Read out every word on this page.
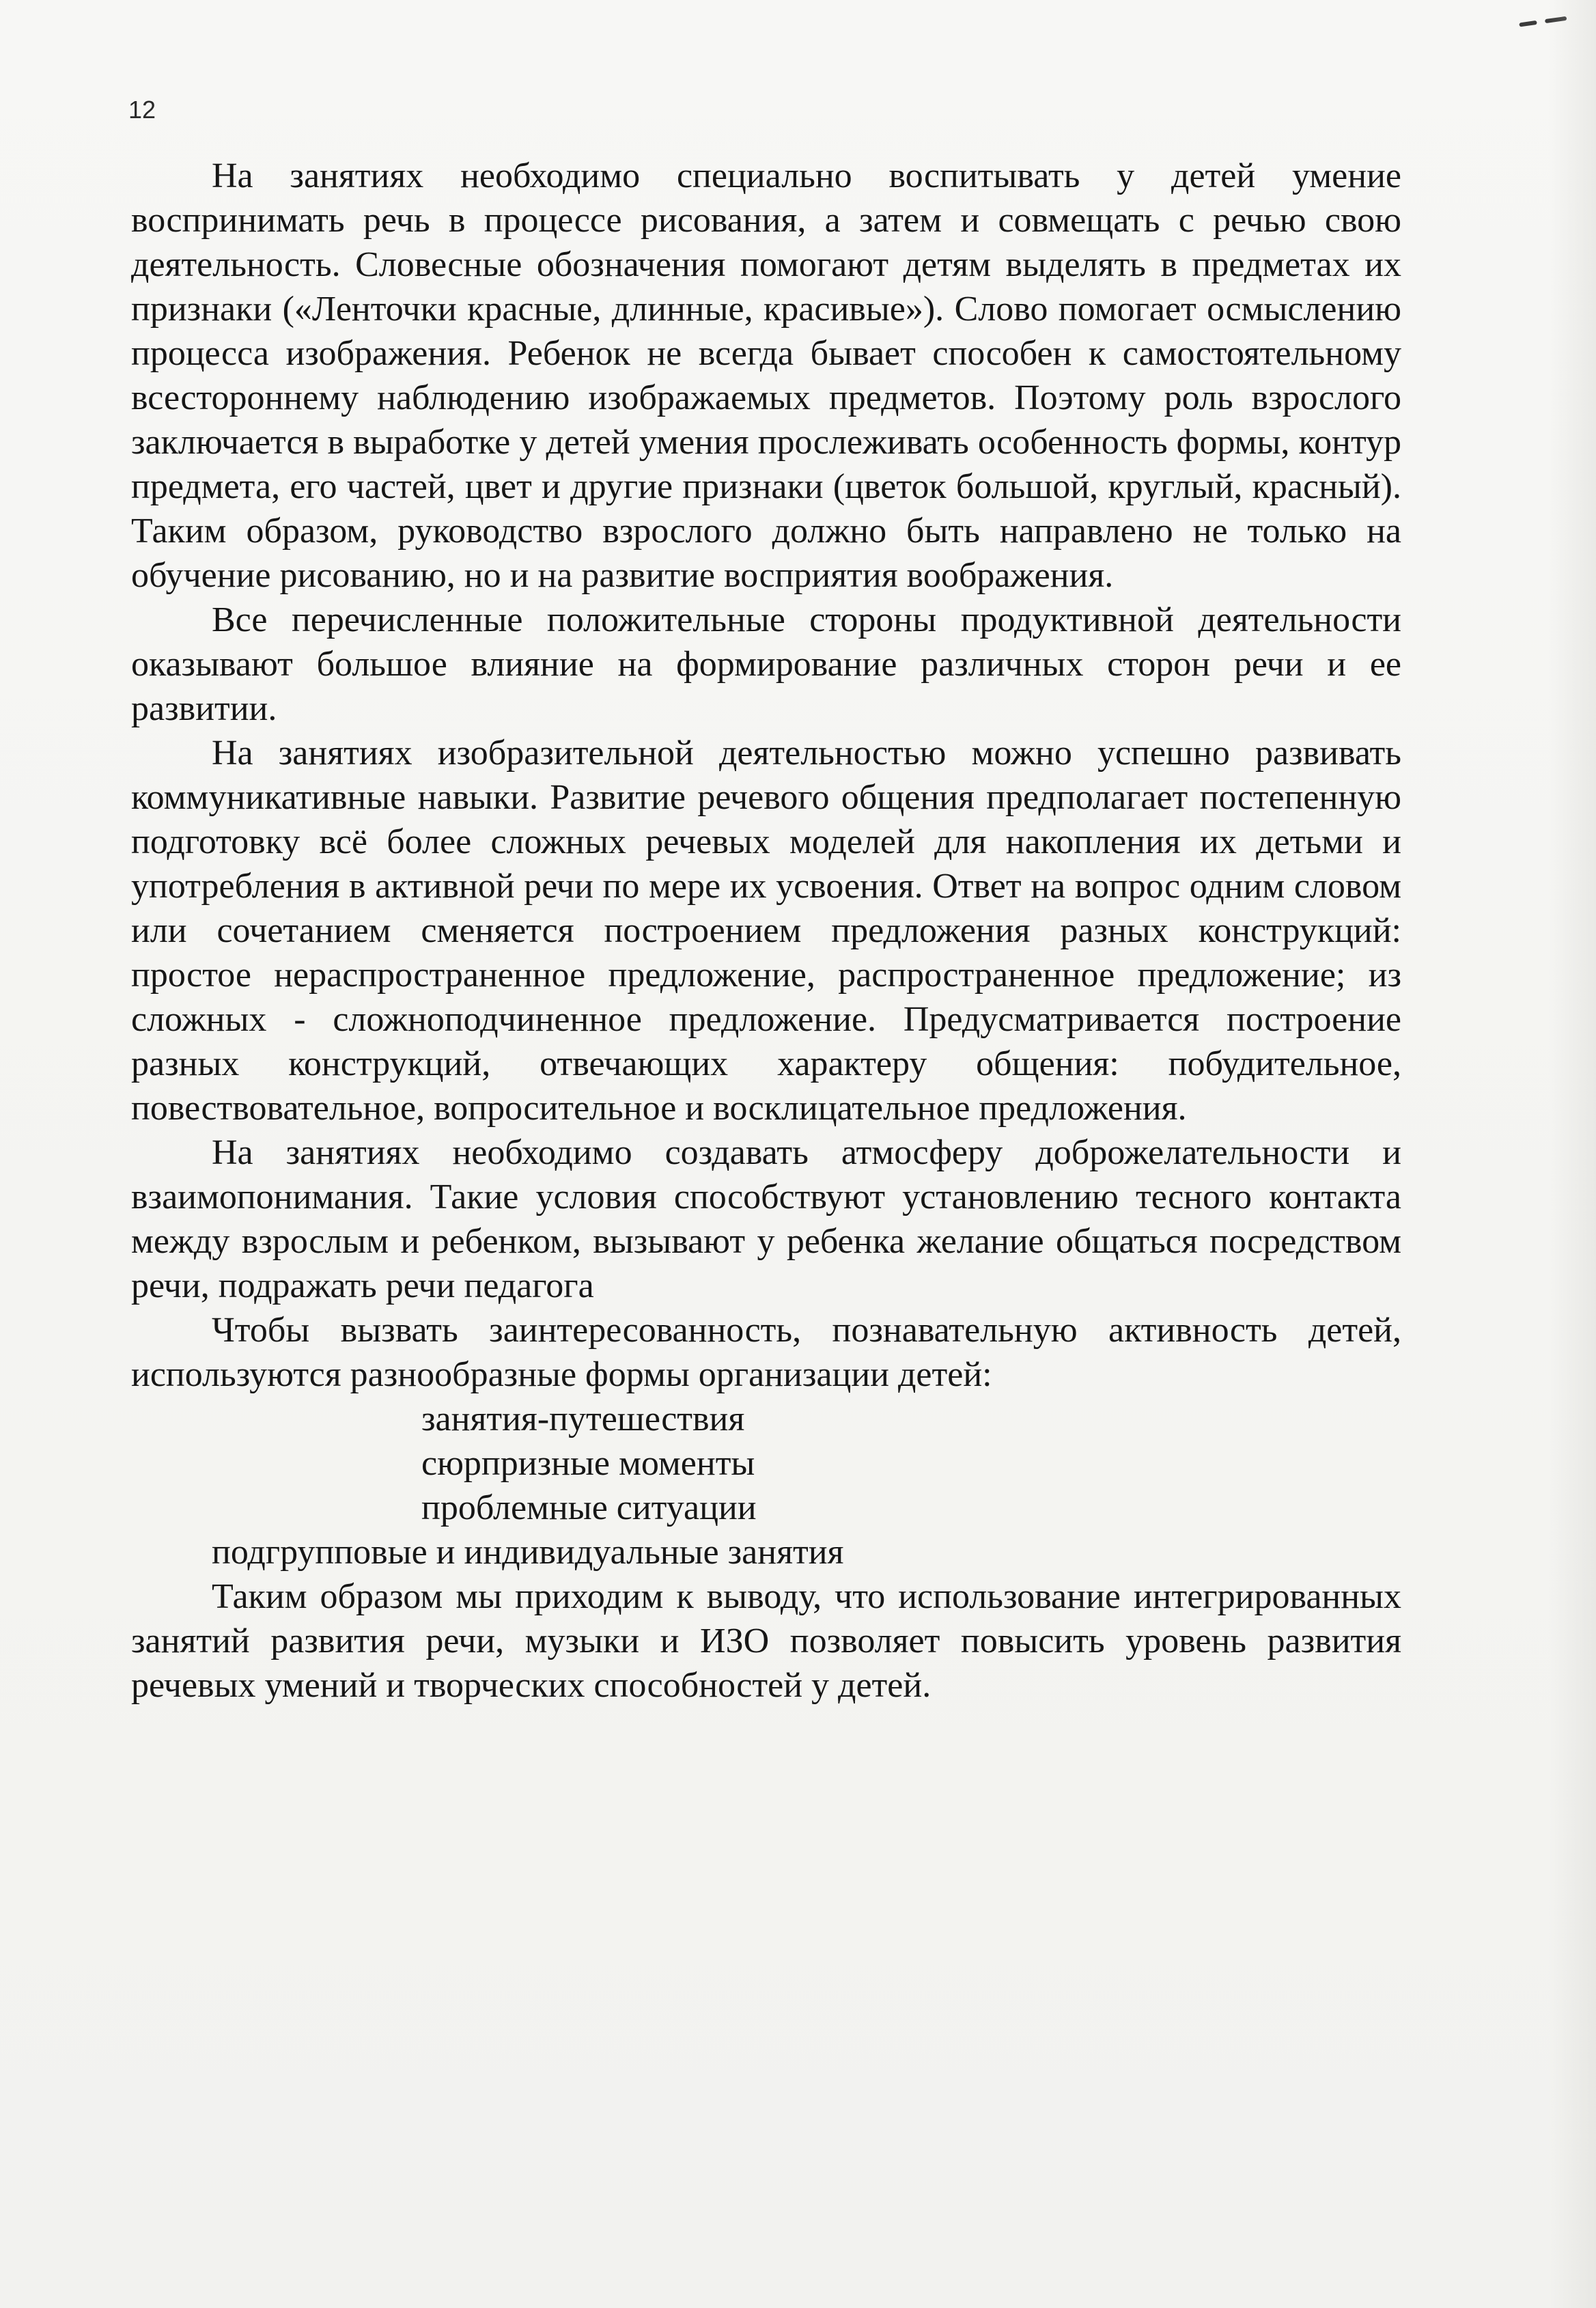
12

На занятиях необходимо специально воспитывать у детей умение воспринимать речь в процессе рисования, а затем и совмещать с речью свою деятельность. Словесные обозначения помогают детям выделять в предметах их признаки («Ленточки красные, длинные, красивые»). Слово помогает осмыслению процесса изображения. Ребенок не всегда бывает способен к самостоятельному всестороннему наблюдению изображаемых предметов. Поэтому роль взрослого заключается в выработке у детей умения прослеживать особенность формы, контур предмета, его частей, цвет и другие признаки (цветок большой, круглый, красный). Таким образом, руководство взрослого должно быть направлено не только на обучение рисованию, но и на развитие восприятия воображения.

Все перечисленные положительные стороны продуктивной деятельности оказывают большое влияние на формирование различных сторон речи и ее развитии.

На занятиях изобразительной деятельностью можно успешно развивать коммуникативные навыки. Развитие речевого общения предполагает постепенную подготовку всё более сложных речевых моделей для накопления их детьми и употребления в активной речи по мере их усвоения. Ответ на вопрос одним словом или сочетанием сменяется построением предложения разных конструкций: простое нераспространенное предложение, распространенное предложение; из сложных - сложноподчиненное предложение. Предусматривается построение разных конструкций, отвечающих характеру общения: побудительное, повествовательное, вопросительное и восклицательное предложения.

На занятиях необходимо создавать атмосферу доброжелательности и взаимопонимания. Такие условия способствуют установлению тесного контакта между взрослым и ребенком, вызывают у ребенка желание общаться посредством речи, подражать речи педагога

Чтобы вызвать заинтересованность, познавательную активность детей, используются разнообразные формы организации детей:

занятия-путешествия
сюрпризные моменты
проблемные ситуации
подгрупповые и индивидуальные занятия

Таким образом мы приходим к выводу, что использование интегрированных занятий развития речи, музыки и ИЗО позволяет повысить уровень развития речевых умений и творческих способностей у детей.
